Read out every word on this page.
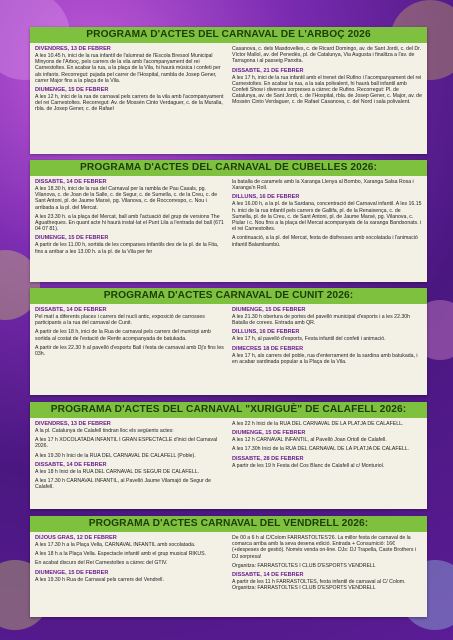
PROGRAMA D'ACTES DEL CARNAVAL DE L'ARBOÇ 2026
DIVENDRES, 13 DE FEBRER
A les 10.45 h, inici de la rua infantil de l'alumnat de l'Escola Bressol Municipal Minyons de l'Arboç, pels carrers de la vila amb l'acompanyament del rei Carnestoltes. En acabar la rua, a la plaça de la Vila, hi haurà música i confeti per als infants. Recorregut: pujada pel carrer de l'Hospital, rambla de Josep Gener, carrer Major fins a la plaça de la Vila.
DIUMENGE, 15 DE FEBRER
A les 12 h, inici de la rua de carnaval pels carrers de la vila amb l'acompanyament del rei Carnestoltes. Recorregut: Av. de Mossèn Cinto Verdaguer, c. de la Muralla, rbla. de Josep Gener, c. de Rafael
Casanova, c. dels Masdovelles, c. de Ricard Domingo, av. de Sant Jordi, c. del Dr. Víctor Mallol, av. del Penedès, pl. de Catalunya, Via Augusta i finalitza a l'av. de Tarragona i al passeig Panxita.
DISSABTE, 21 DE FEBRER
A les 17 h, inici de la rua infantil amb el trenet del Rufino i l'acompanyament del rei Carnestoltes. En acabar la rua, a la sala polivalent, hi haurà ball infantil amb Confeti Show i diverses sorpreses a càrrec de Rufino. Recorregut: Pl. de Catalunya, av. de Sant Jordi, c. de l'Hospital, rbla. de Josep Gener, c. Major, av. de Mossèn Cinto Verdaguer, c. de Rafael Casanova, c. del Nord i sala polivalent.
PROGRAMA D'ACTES DEL CARNAVAL DE CUBELLES 2026:
DISSABTE, 14 DE FEBRER
A les 18.30 h, inici de la rua del Carnaval per la rambla de Pau Casals, pg. Vilanova, c. de Joan de la Salle, c. de Segur, c. de Sumella, c. de la Creu, c. de Sant Antoni, pl. de Jaume Marsé, pg. Vilanova, c. de Roccorrespo, c. Nou i arribada a la pl. del Mercat.
A les 23.30 h. a la plaça del Mercat, ball amb l'actuació del grup de versions The Aguatheques. En quant acte hi haurà instal·lat el Punt Lila a l'entrada del ball (671 04 07 81).
DIUMENGE, 15 DE FEBRER
A partir de les 11.00 h, sortida de les comparses infantils des de la pl. de la Fita, fins a arribar a les 13.00 h. a la pl. de la Vila per fer
la batalla de caramels amb la Xaranga Llenya al Bombo, Xaranga Salsa Rosa i Xaranga'n Roll.
DILLUNS, 16 DE FEBRER
A les 16.00 h, a la pl. de la Sardana, concentració del Carnaval infantil. A les 16.15 h. inici de la rua infantil pels carrers de Gallifa, pl. de la Renaixença, c. de Sumella, pl. de la Creu, c. de Sant Antoni, pl. de Jaume Marsé, pg. Vilanova, c. Piular i c. Nou fins a la plaça del Mercat acompanyats de la xaranga Bandsonats. i el rei Carnestoltes.
A continuació, a la pl. del Mercat, festa de disfresses amb xocolatada i l'animació infantil Balambambú.
PROGRAMA D'ACTES CARNAVAL DE CUNIT 2026:
DISSABTE, 14 DE FEBRER
Pel matí a diferents places i carrers del nucli antic, exposició de carrosses participants a la rua del carnaval de Cunit.
A partir de les 18 h, inici de la Rua de carnaval pels carrers del municipi amb sortida al costat de l'estació de Renfe acompanyada de batukada.
A partir de les 22.30 h al pavelló d'esports Ball i festa de carnaval amb Dj's fins les 03h.
DIUMENGE, 15 DE FEBRER
A les 21.30 h obertura de portes del pavelló municipal d'esports i a les 22.30h Batalla de corees. Entrada amb QR.
DILLUNS, 16 DE FEBRER
A les 17 h, al pavelló d'esports, Festa infantil del confeti i animació.
DIMECRES 18 DE FEBRER
A les 17 h, als carrers del poble, rua d'enterrament de la sardina amb batukada, i en acabar sardinada popular a la Plaça de la Vila.
PROGRAMA D'ACTES DEL CARNAVAL "XURIGUÈ" DE CALAFELL 2026:
DIVENDRES, 13 DE FEBRER
A la pl. Catalunya de Calafell tindran lloc els següents actes:
A les 17 h XOCOLATADA INFANTIL I GRAN ESPECTACLE d'inici del Carnaval 2026.
A les 19.30 h Inici de la RUA DEL CARNAVAL DE CALAFELL (Poble).
DISSABTE, 14 DE FEBRER
A les 18 h Inici de la RUA DEL CARNAVAL DE SEGUR DE CALAFELL.
A les 17.30 h CARNAVAL INFANTIL, al Pavelló Jaume Vilamajó de Segur de Calafell.
A les 22 h Inici de la RUA DEL CARNAVAL DE LA PLATJA DE CALAFELL.
DIUMENGE, 15 DE FEBRER
A les 12 h CARNAVAL INFANTIL, al Pavelló Joan Ortoll de Calafell.
A les 17.30h Inici de la RUA DEL CARNAVAL DE LA PLATJA DE CALAFELL.
DISSABTE, 28 DE FEBRER
A partir de les 19 h Festa del Cos Blanc de Calafell al c/ Monturiol.
PROGRAMA D'ACTES CARNAVAL DEL VENDRELL 2026:
DIJOUS GRAS, 12 DE FEBRER
A les 17.30 h a la Plaça Vella, CARNAVAL INFANTIL amb xocolatada.
A les 18 h a la Plaça Vella. Espectacle infantil amb el grup musical RIKUS.
En acabat discurs del Rei Carnestoltes a càrrec del GTIV.
DIUMENGE, 15 DE FEBRER
A les 19.30 h Rua de Carnaval pels carrers del Vendrell.
De 00 a 6 h al C/Colom FARRASTOLTES'26. La millor festa de carnaval de la comarca arriba amb la seva desena edició. Entrada + Consumició: 16€ (+despeses de gestió). Només venda on-line. DJs: DJ Trapella, Caste Brothers i DJ sorpresa!
Organitza: FARRASTOLTES I CLUB D'ESPORTS VENDRELL
DISSABTE, 14 DE FEBRER
A partir de les 11 h FARRASTOLTES, festa infantil de carnaval al C/ Colom. Organitza: FARRASTOLTES I CLUB D'ESPORTS VENDRELL
